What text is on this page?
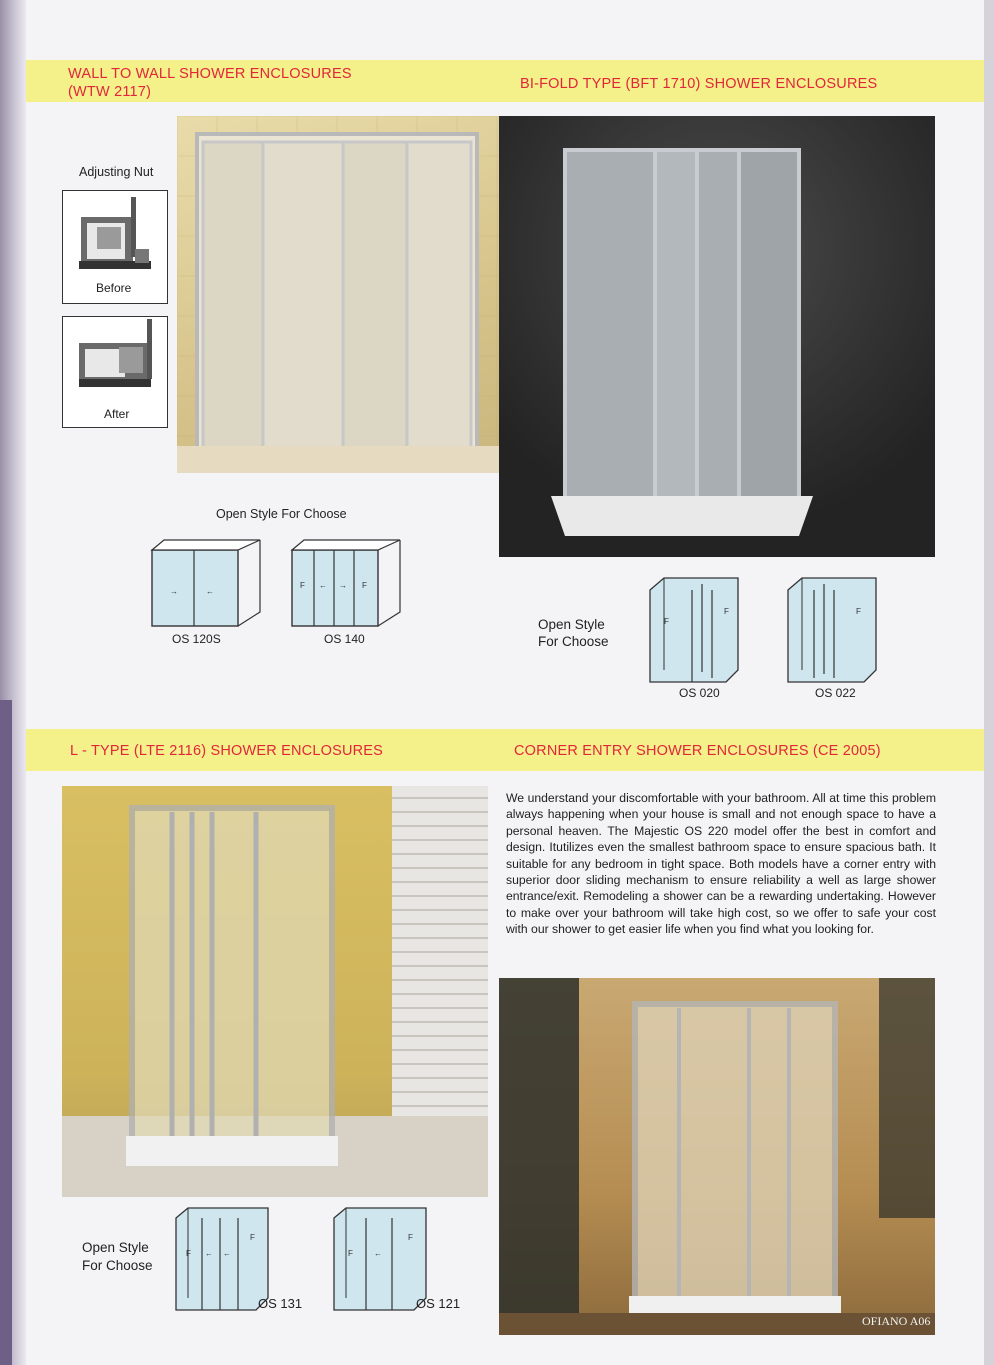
WALL TO WALL SHOWER ENCLOSURES
(WTW 2117)	BI-FOLD TYPE (BFT 1710) SHOWER ENCLOSURES
Adjusting Nut
Before
After
Open Style For Choose
→	←
OS 120S
F ← → F
OS 140
Open Style
For Choose
F
F
OS 020
F
OS 022
L - TYPE (LTE 2116) SHOWER ENCLOSURES	CORNER ENTRY SHOWER ENCLOSURES (CE 2005)
We understand your discomfortable with your bathroom. All at time this problem always happening when your house is small and not enough space to have a personal heaven. The Majestic OS 220 model offer the best in comfort and design. Itutilizes even the smallest bathroom space to ensure spacious bath. It suitable for any bedroom in tight space. Both models have a corner entry with superior door sliding mechanism to ensure reliability a well as large shower entrance/exit. Remodeling a shower can be a rewarding undertaking. However to make over your bathroom will take high cost, so we offer to safe your cost with our shower to get easier life when you find what you looking for.
OFIANO A06
Open Style
For Choose
F ← ←
F
OS 131
F	←
F
OS 121
